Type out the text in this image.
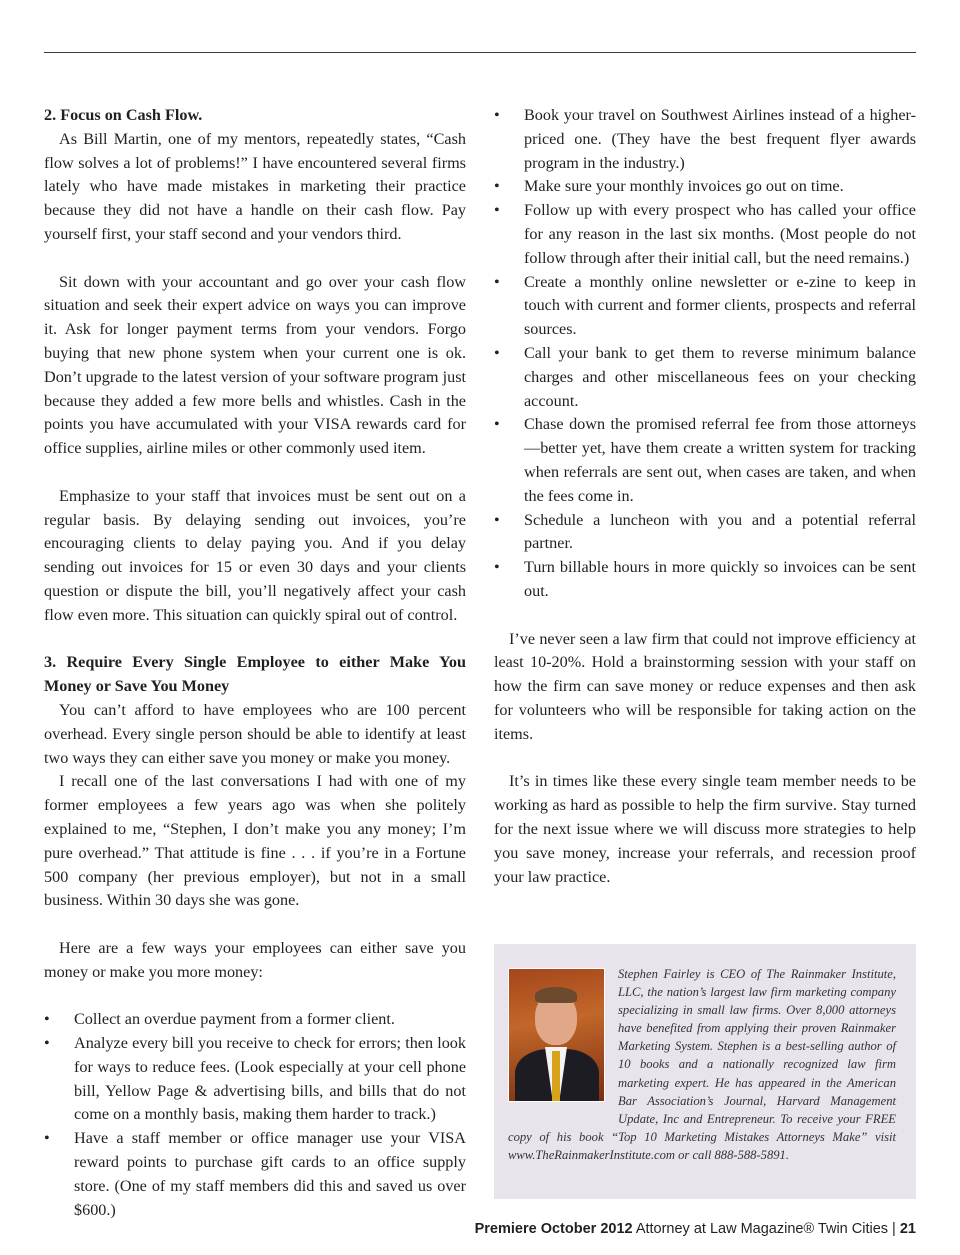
2. Focus on Cash Flow.

As Bill Martin, one of my mentors, repeatedly states, “Cash flow solves a lot of problems!” I have encountered several firms lately who have made mistakes in marketing their practice because they did not have a handle on their cash flow. Pay yourself first, your staff second and your vendors third.

Sit down with your accountant and go over your cash flow situation and seek their expert advice on ways you can improve it. Ask for longer payment terms from your vendors. Forgo buying that new phone system when your current one is ok. Don’t upgrade to the latest version of your software program just because they added a few more bells and whistles. Cash in the points you have accumulated with your VISA rewards card for office supplies, airline miles or other commonly used item.

Emphasize to your staff that invoices must be sent out on a regular basis. By delaying sending out invoices, you’re encouraging clients to delay paying you. And if you delay sending out invoices for 15 or even 30 days and your clients question or dispute the bill, you’ll negatively affect your cash flow even more. This situation can quickly spiral out of control.

3. Require Every Single Employee to either Make You Money or Save You Money

You can’t afford to have employees who are 100 percent overhead. Every single person should be able to identify at least two ways they can either save you money or make you money.

I recall one of the last conversations I had with one of my former employees a few years ago was when she politely explained to me, “Stephen, I don’t make you any money; I’m pure overhead.” That attitude is fine . . . if you’re in a Fortune 500 company (her previous employer), but not in a small business. Within 30 days she was gone.

Here are a few ways your employees can either save you money or make you more money:

• Collect an overdue payment from a former client.
• Analyze every bill you receive to check for errors; then look for ways to reduce fees. (Look especially at your cell phone bill, Yellow Page & advertising bills, and bills that do not come on a monthly basis, making them harder to track.)
• Have a staff member or office manager use your VISA reward points to purchase gift cards to an office supply store. (One of my staff members did this and saved us over $600.)
• Book your travel on Southwest Airlines instead of a higher-priced one. (They have the best frequent flyer awards program in the industry.)
• Make sure your monthly invoices go out on time.
• Follow up with every prospect who has called your office for any reason in the last six months. (Most people do not follow through after their initial call, but the need remains.)
• Create a monthly online newsletter or e-zine to keep in touch with current and former clients, prospects and referral sources.
• Call your bank to get them to reverse minimum balance charges and other miscellaneous fees on your checking account.
• Chase down the promised referral fee from those attorneys—better yet, have them create a written system for tracking when referrals are sent out, when cases are taken, and when the fees come in.
• Schedule a luncheon with you and a potential referral partner.
• Turn billable hours in more quickly so invoices can be sent out.

I’ve never seen a law firm that could not improve efficiency at least 10-20%. Hold a brainstorming session with your staff on how the firm can save money or reduce expenses and then ask for volunteers who will be responsible for taking action on the items.

It’s in times like these every single team member needs to be working as hard as possible to help the firm survive. Stay turned for the next issue where we will discuss more strategies to help you save money, increase your referrals, and recession proof your law practice.

Stephen Fairley is CEO of The Rainmaker Institute, LLC, the nation’s largest law firm marketing company specializing in small law firms. Over 8,000 attorneys have benefited from applying their proven Rainmaker Marketing System. Stephen is a best-selling author of 10 books and a nationally recognized law firm marketing expert. He has appeared in the American Bar Association’s Journal, Harvard Management Update, Inc and Entrepreneur. To receive your FREE copy of his book “Top 10 Marketing Mistakes Attorneys Make” visit www.TheRainmakerInstitute.com or call 888-588-5891.
Premiere October 2012 Attorney at Law Magazine® Twin Cities | 21
